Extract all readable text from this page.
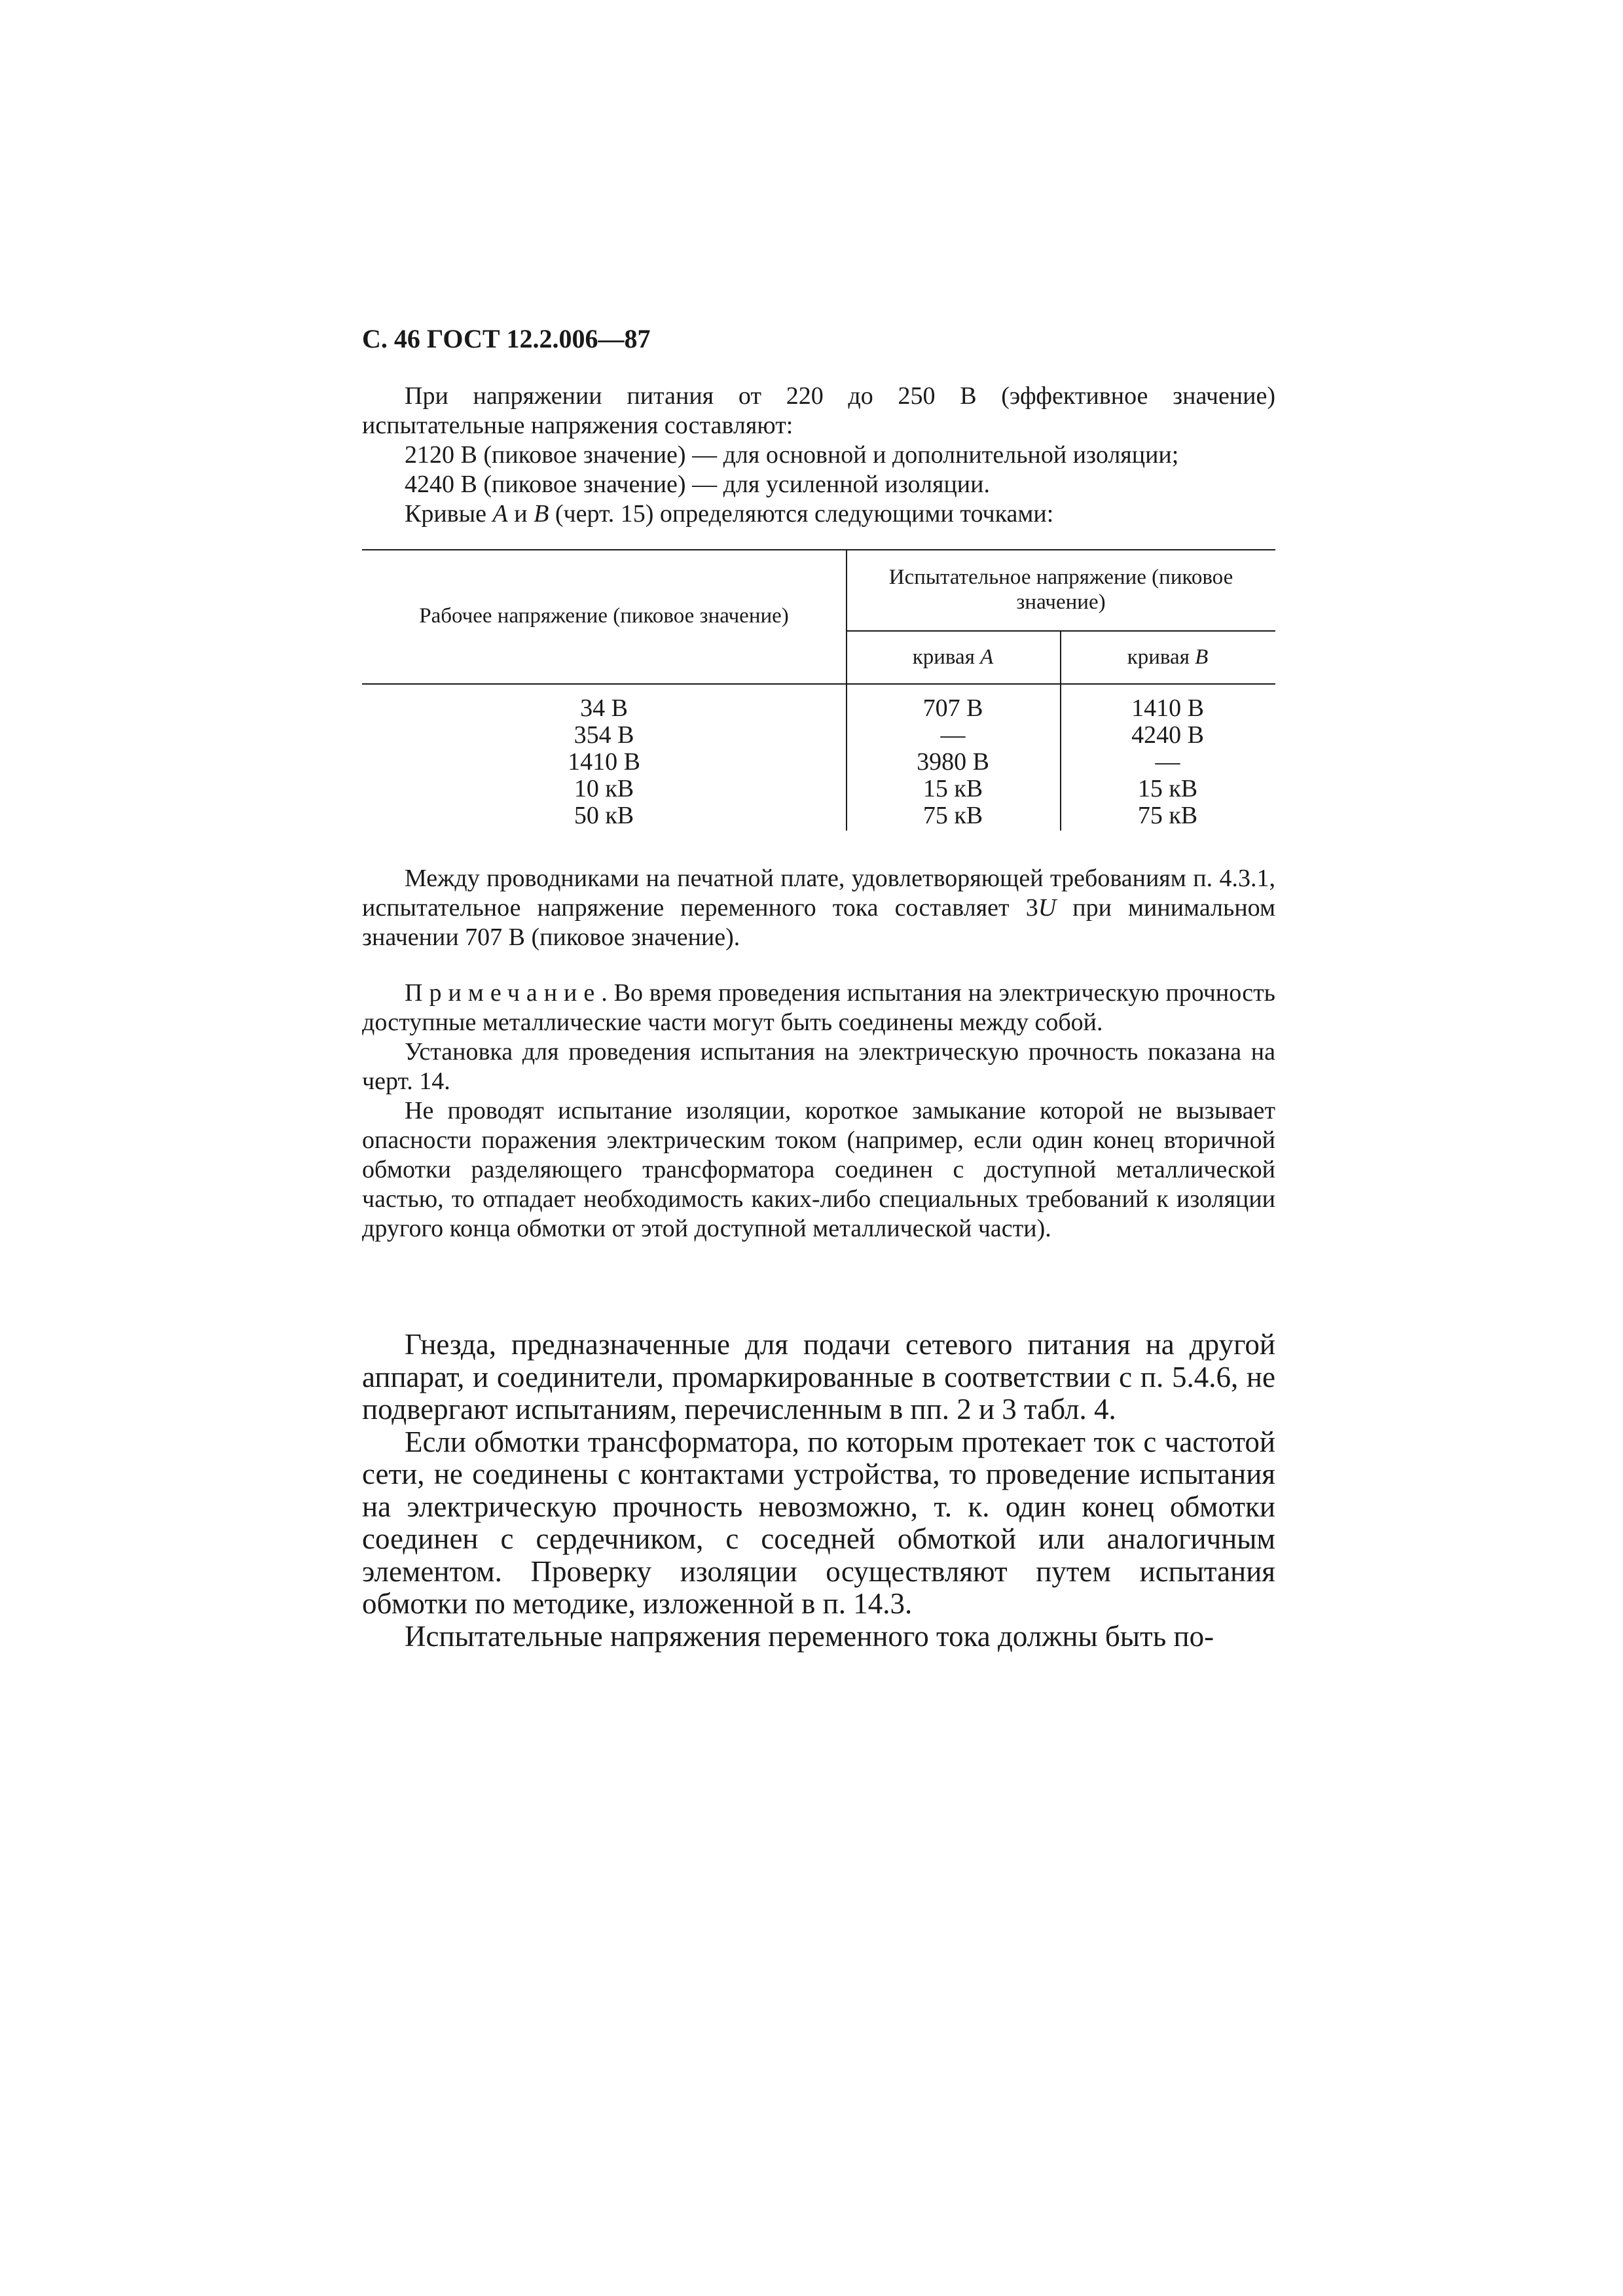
С. 46 ГОСТ 12.2.006—87

При напряжении питания от 220 до 250 В (эффективное значение) испытательные напряжения составляют:

2120 В (пиковое значение) — для основной и дополнительной изоляции;

4240 В (пиковое значение) — для усиленной изоляции.

Кривые А и В (черт. 15) определяются следующими точками:

Рабочее напряжение (пиковое значение)
Испытательное напряжение (пиковое значение)
кривая А	кривая В
34 В
354 В
1410 В
10 кВ
50 кВ
707 В
—
3980 В
15 кВ
75 кВ
1410 В
4240 В
—
15 кВ
75 кВ

Между проводниками на печатной плате, удовлетворяющей требованиям п. 4.3.1, испытательное напряжение переменного тока составляет 3U при минимальном значении 707 В (пиковое значение).

Примечание. Во время проведения испытания на электрическую прочность доступные металлические части могут быть соединены между собой.

Установка для проведения испытания на электрическую прочность показана на черт. 14.

Не проводят испытание изоляции, короткое замыкание которой не вызывает опасности поражения электрическим током (например, если один конец вторичной обмотки разделяющего трансформатора соединен с доступной металлической частью, то отпадает необходимость каких-либо специальных требований к изоляции другого конца обмотки от этой доступной металлической части).

Гнезда, предназначенные для подачи сетевого питания на другой аппарат, и соединители, промаркированные в соответствии с п. 5.4.6, не подвергают испытаниям, перечисленным в пп. 2 и 3 табл. 4.

Если обмотки трансформатора, по которым протекает ток с частотой сети, не соединены с контактами устройства, то проведение испытания на электрическую прочность невозможно, т. к. один конец обмотки соединен с сердечником, с соседней обмоткой или аналогичным элементом. Проверку изоляции осуществляют путем испытания обмотки по методике, изложенной в п. 14.3.

Испытательные напряжения переменного тока должны быть по-
